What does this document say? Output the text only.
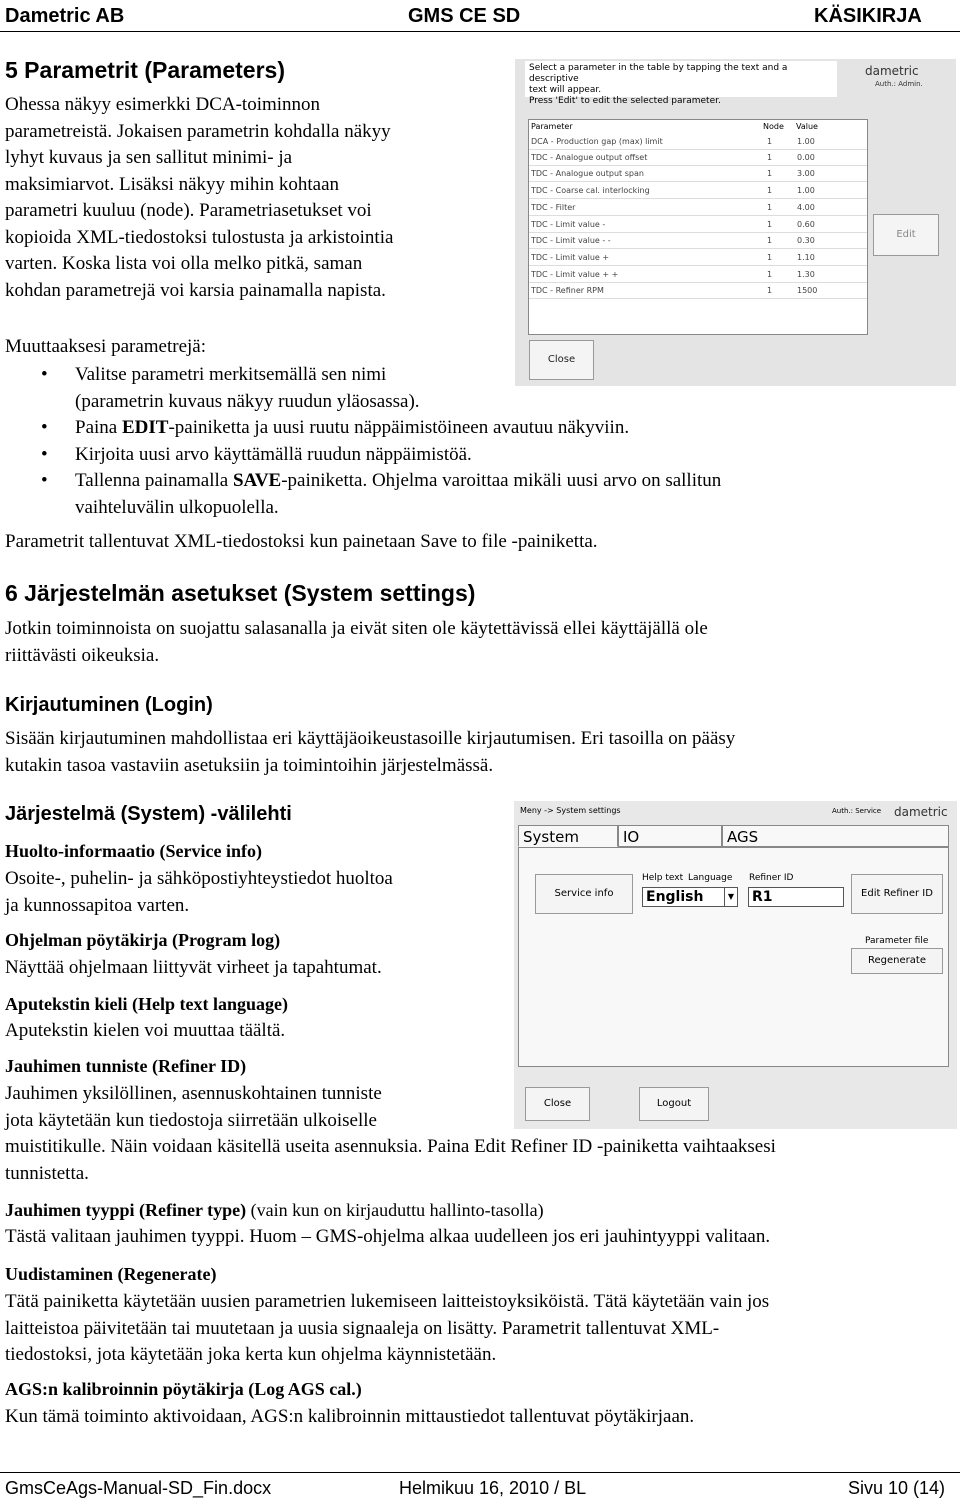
Dametric AB	GMS CE SD	KÄSIKIRJA
5 Parametrit (Parameters)
Ohessa näkyy esimerkki DCA-toiminnon
parametreistä. Jokaisen parametrin kohdalla näkyy
lyhyt kuvaus ja sen sallitut minimi- ja
maksimiarvot. Lisäksi näkyy mihin kohtaan
parametri kuuluu (node). Parametriasetukset voi
kopioida XML-tiedostoksi tulostusta ja arkistointia
varten. Koska lista voi olla melko pitkä, saman
kohdan parametrejä voi karsia painamalla napista.
Muuttaaksesi parametrejä:
• Valitse parametri merkitsemällä sen nimi
(parametrin kuvaus näkyy ruudun yläosassa).
• Paina EDIT-painiketta ja uusi ruutu näppäimistöineen avautuu näkyviin.
• Kirjoita uusi arvo käyttämällä ruudun näppäimistöä.
• Tallenna painamalla SAVE-painiketta. Ohjelma varoittaa mikäli uusi arvo on sallitun
vaihteluvälin ulkopuolella.
Parametrit tallentuvat XML-tiedostoksi kun painetaan Save to file -painiketta.
Select a parameter in the table by tapping the text and a descriptive
text will appear.
Press 'Edit' to edit the selected parameter.
dametric
Auth.: Admin.
Parameter	Node Value
DCA - Production gap (max) limit	1	1.00
TDC - Analogue output offset	1	0.00
TDC - Analogue output span	1	3.00
TDC - Coarse cal. interlocking	1	1.00
TDC - Filter	1	4.00
TDC - Limit value -	1	0.60
TDC - Limit value - -	1	0.30
TDC - Limit value +	1	1.10
TDC - Limit value + +	1	1.30
TDC - Refiner RPM	1	1500
Edit
Close
6 Järjestelmän asetukset (System settings)
Jotkin toiminnoista on suojattu salasanalla ja eivät siten ole käytettävissä ellei käyttäjällä ole
riittävästi oikeuksia.
Kirjautuminen (Login)
Sisään kirjautuminen mahdollistaa eri käyttäjäoikeustasoille kirjautumisen. Eri tasoilla on pääsy
kutakin tasoa vastaviin asetuksiin ja toimintoihin järjestelmässä.
Järjestelmä (System) -välilehti
Huolto-informaatio (Service info)
Osoite-, puhelin- ja sähköpostiyhteystiedot huoltoa
ja kunnossapitoa varten.
Ohjelman pöytäkirja (Program log)
Näyttää ohjelmaan liittyvät virheet ja tapahtumat.
Aputekstin kieli (Help text language)
Aputekstin kielen voi muuttaa täältä.
Jauhimen tunniste (Refiner ID)
Jauhimen yksilöllinen, asennuskohtainen tunniste
jota käytetään kun tiedostoja siirretään ulkoiselle
muistitikulle. Näin voidaan käsitellä useita asennuksia. Paina Edit Refiner ID -painiketta vaihtaaksesi
tunnistetta.
Jauhimen tyyppi (Refiner type) (vain kun on kirjauduttu hallinto-tasolla)
Tästä valitaan jauhimen tyyppi. Huom – GMS-ohjelma alkaa uudelleen jos eri jauhintyyppi valitaan.
Uudistaminen (Regenerate)
Tätä painiketta käytetään uusien parametrien lukemiseen laitteistoyksiköistä. Tätä käytetään vain jos
laitteistoa päivitetään tai muutetaan ja uusia signaaleja on lisätty. Parametrit tallentuvat XML-
tiedostoksi, jota käytetään joka kerta kun ohjelma käynnistetään.
AGS:n kalibroinnin pöytäkirja (Log AGS cal.)
Kun tämä toiminto aktivoidaan, AGS:n kalibroinnin mittaustiedot tallentuvat pöytäkirjaan.
Meny -> System settings	Auth.: Service dametric
System	IO	AGS
Service info
Help text Language
English	▼
Refiner ID
R1	Edit Refiner ID
Parameter file
Regenerate
Close	Logout
GmsCeAgs-Manual-SD_Fin.docx	Helmikuu 16, 2010 / BL	Sivu 10 (14)
